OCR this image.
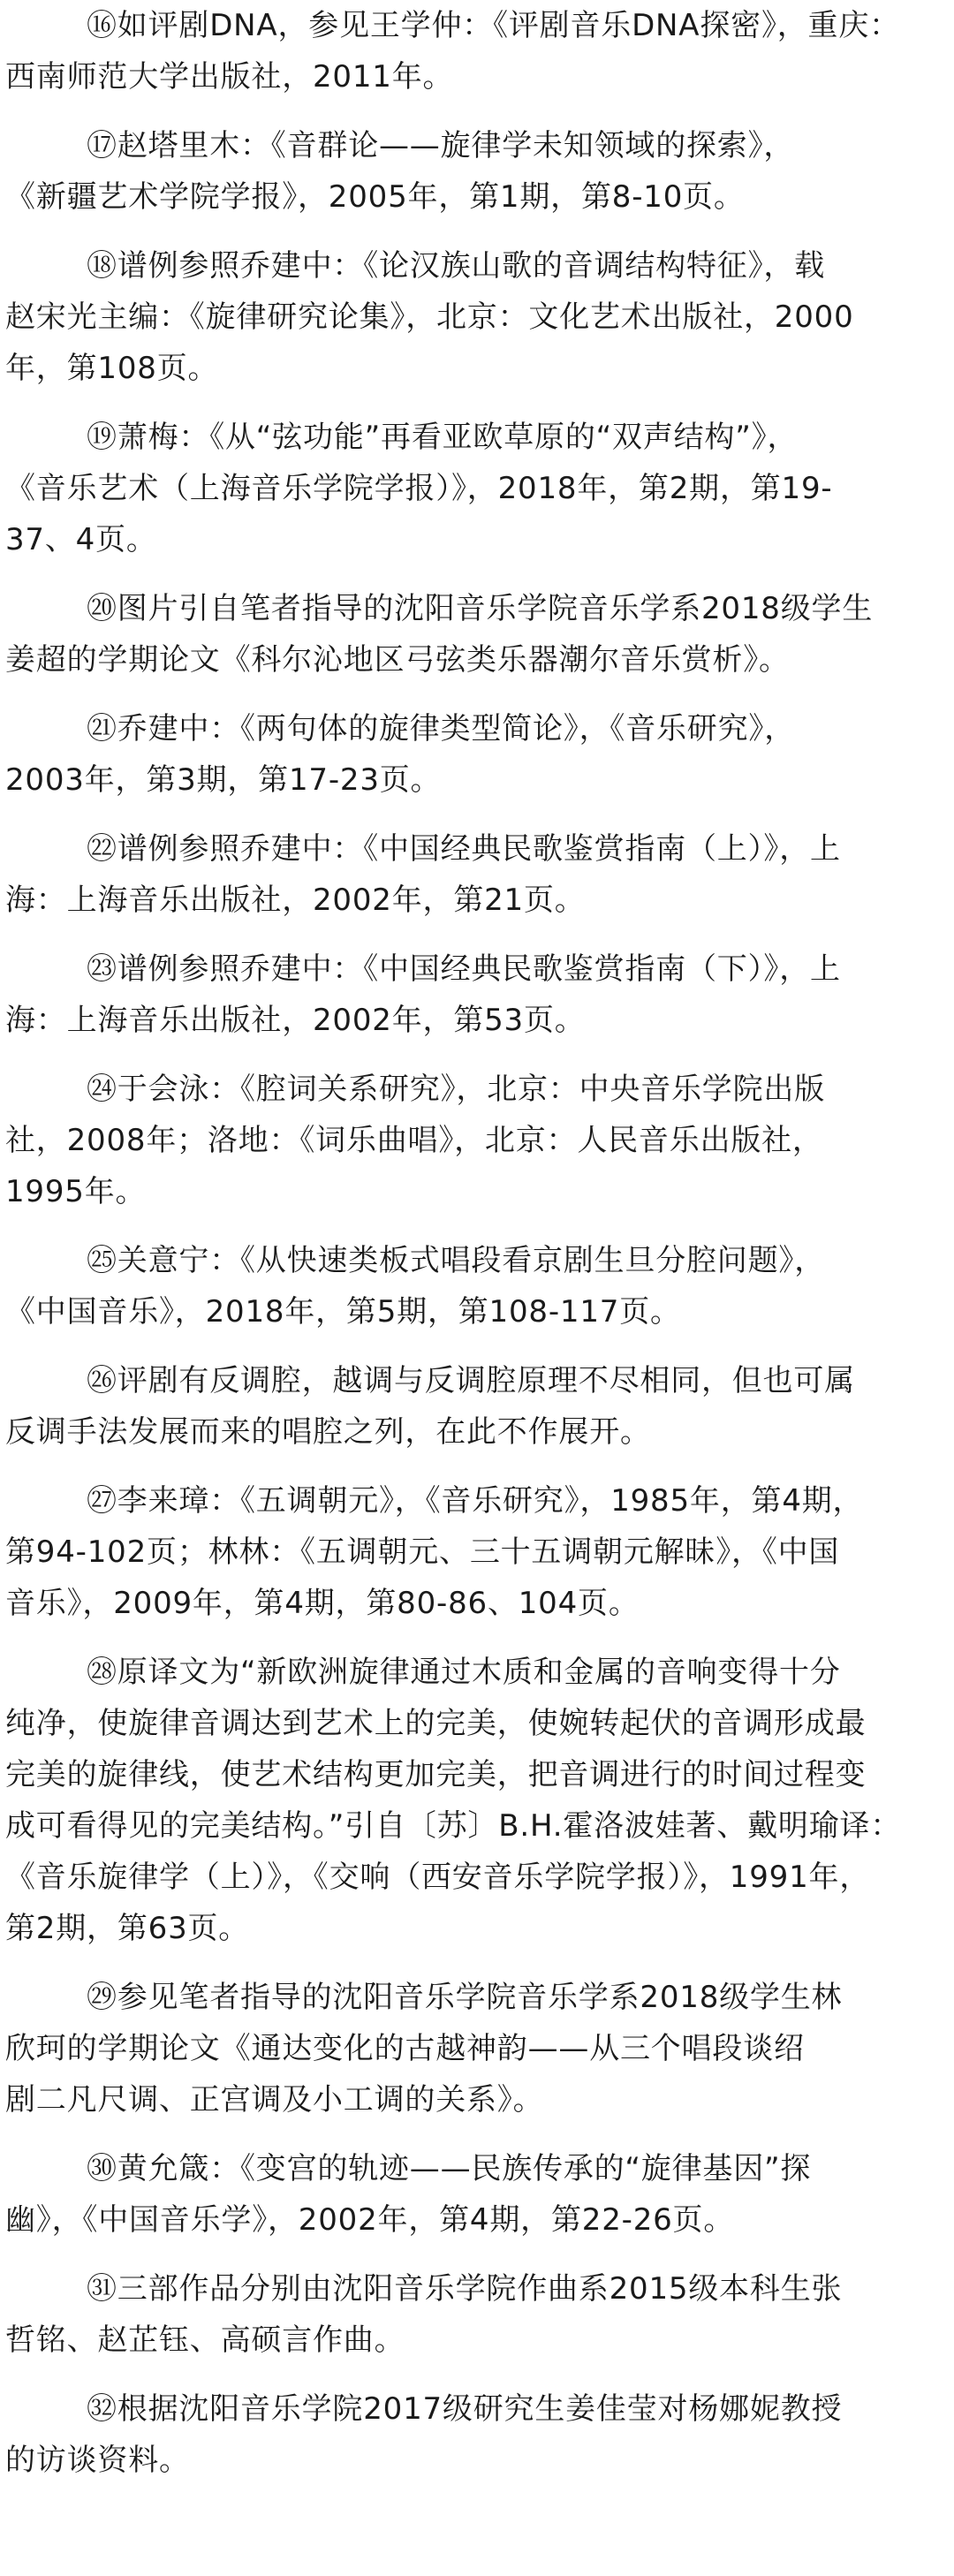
⑯如评剧DNA，参见王学仲：《评剧音乐DNA探密》，重庆：
西南师范大学出版社，2011年。
⑰赵塔里木：《音群论——旋律学未知领域的探索》，
《新疆艺术学院学报》，2005年，第1期，第8-10页。
⑱谱例参照乔建中：《论汉族山歌的音调结构特征》，载
赵宋光主编：《旋律研究论集》，北京：文化艺术出版社，2000
年，第108页。
⑲萧梅：《从“弦功能”再看亚欧草原的“双声结构”》，
《音乐艺术（上海音乐学院学报）》，2018年，第2期，第19-
37、4页。
⑳图片引自笔者指导的沈阳音乐学院音乐学系2018级学生
姜超的学期论文《科尔沁地区弓弦类乐器潮尔音乐赏析》。
㉑乔建中：《两句体的旋律类型简论》，《音乐研究》，
2003年，第3期，第17-23页。
㉒谱例参照乔建中：《中国经典民歌鉴赏指南（上）》，上
海：上海音乐出版社，2002年，第21页。
㉓谱例参照乔建中：《中国经典民歌鉴赏指南（下）》，上
海：上海音乐出版社，2002年，第53页。
㉔于会泳：《腔词关系研究》，北京：中央音乐学院出版
社，2008年；洛地：《词乐曲唱》，北京：人民音乐出版社，
1995年。
㉕关意宁：《从快速类板式唱段看京剧生旦分腔问题》，
《中国音乐》，2018年，第5期，第108-117页。
㉖评剧有反调腔，越调与反调腔原理不尽相同，但也可属
反调手法发展而来的唱腔之列，在此不作展开。
㉗李来璋：《五调朝元》，《音乐研究》，1985年，第4期，
第94-102页；林林：《五调朝元、三十五调朝元解昧》，《中国
音乐》，2009年，第4期，第80-86、104页。
㉘原译文为“新欧洲旋律通过木质和金属的音响变得十分
纯净，使旋律音调达到艺术上的完美，使婉转起伏的音调形成最
完美的旋律线，使艺术结构更加完美，把音调进行的时间过程变
成可看得见的完美结构。”引自〔苏〕B.H.霍洛波娃著、戴明瑜译：
《音乐旋律学（上）》，《交响（西安音乐学院学报）》，1991年，
第2期，第63页。
㉙参见笔者指导的沈阳音乐学院音乐学系2018级学生林
欣珂的学期论文《通达变化的古越神韵——从三个唱段谈绍
剧二凡尺调、正宫调及小工调的关系》。
㉚黄允箴：《变宫的轨迹——民族传承的“旋律基因”探
幽》，《中国音乐学》，2002年，第4期，第22-26页。
㉛三部作品分别由沈阳音乐学院作曲系2015级本科生张
哲铭、赵芷钰、高硕言作曲。
㉜根据沈阳音乐学院2017级研究生姜佳莹对杨娜妮教授
的访谈资料。
